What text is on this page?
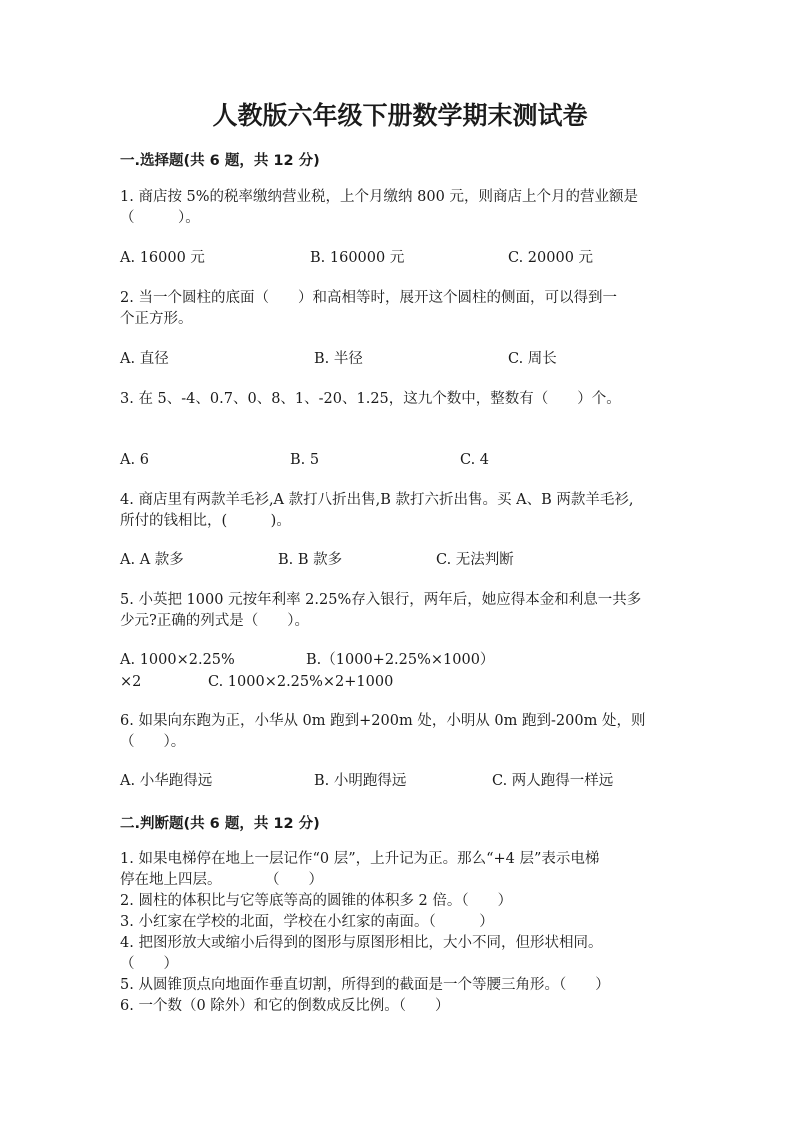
人教版六年级下册数学期末测试卷
一.选择题(共 6 题，共 12 分)
1. 商店按 5%的税率缴纳营业税，上个月缴纳 800 元，则商店上个月的营业额是
（　　　）。
A. 16000 元	B. 160000 元	C. 20000 元
2. 当一个圆柱的底面（　　）和高相等时，展开这个圆柱的侧面，可以得到一
个正方形。
A. 直径	B. 半径	C. 周长
3. 在 5、-4、0.7、0、8、1、-20、1.25，这九个数中，整数有（　　）个。
A. 6	B. 5	C. 4
4. 商店里有两款羊毛衫,A 款打八折出售,B 款打六折出售。买 A、B 两款羊毛衫,
所付的钱相比，(　　　)。
A. A 款多	B. B 款多	C. 无法判断
5. 小英把 1000 元按年利率 2.25%存入银行，两年后，她应得本金和利息一共多
少元?正确的列式是（　　）。
A. 1000×2.25%	B.（1000+2.25%×1000）
×2	C. 1000×2.25%×2+1000
6. 如果向东跑为正，小华从 0m 跑到+200m 处，小明从 0m 跑到-200m 处，则
（　　）。
A. 小华跑得远	B. 小明跑得远	C. 两人跑得一样远
二.判断题(共 6 题，共 12 分)
1. 如果电梯停在地上一层记作“0 层”，上升记为正。那么“+4 层”表示电梯
停在地上四层。　　　　（　　）
2. 圆柱的体积比与它等底等高的圆锥的体积多 2 倍。（　　）
3. 小红家在学校的北面，学校在小红家的南面。（　　　）
4. 把图形放大或缩小后得到的图形与原图形相比，大小不同，但形状相同。
（　　）
5. 从圆锥顶点向地面作垂直切割，所得到的截面是一个等腰三角形。（　　）
6. 一个数（0 除外）和它的倒数成反比例。（　　）
